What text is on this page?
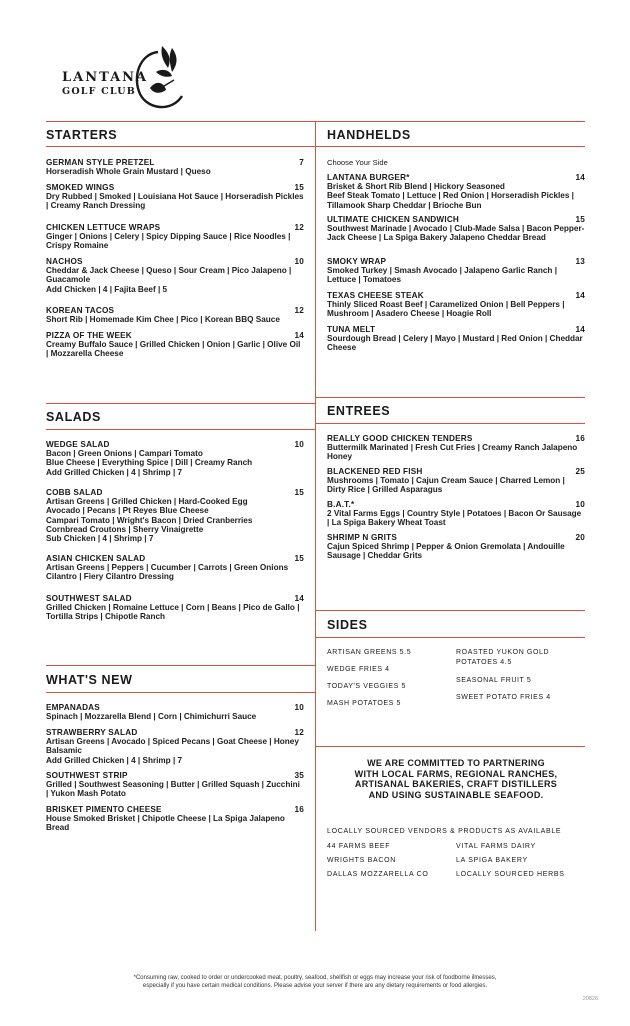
LANTANA
GOLF CLUB
STARTERS
GERMAN STYLE PRETZEL	7
Horseradish Whole Grain Mustard | Queso
SMOKED WINGS	15
Dry Rubbed | Smoked | Louisiana Hot Sauce | Horseradish Pickles | Creamy Ranch Dressing
CHICKEN LETTUCE WRAPS	12
Ginger | Onions | Celery | Spicy Dipping Sauce | Rice Noodles | Crispy Romaine
NACHOS	10
Cheddar & Jack Cheese | Queso | Sour Cream | Pico Jalapeno | Guacamole
Add Chicken | 4 | Fajita Beef | 5
KOREAN TACOS	12
Short Rib | Homemade Kim Chee | Pico | Korean BBQ Sauce
PIZZA OF THE WEEK	14
Creamy Buffalo Sauce | Grilled Chicken | Onion | Garlic | Olive Oil | Mozzarella Cheese
SALADS
WEDGE SALAD	10
Bacon | Green Onions | Campari Tomato
Blue Cheese | Everything Spice | Dill | Creamy Ranch
Add Grilled Chicken | 4 | Shrimp | 7
COBB SALAD	15
Artisan Greens | Grilled Chicken | Hard-Cooked Egg
Avocado | Pecans | Pt Reyes Blue Cheese
Campari Tomato | Wright's Bacon | Dried Cranberries
Cornbread Croutons | Sherry Vinaigrette
Sub Chicken | 4 | Shrimp | 7
ASIAN CHICKEN SALAD	15
Artisan Greens | Peppers | Cucumber | Carrots | Green Onions Cilantro | Fiery Cilantro Dressing
SOUTHWEST SALAD	14
Grilled Chicken | Romaine Lettuce | Corn | Beans | Pico de Gallo | Tortilla Strips | Chipotle Ranch
WHAT'S NEW
EMPANADAS	10
Spinach | Mozzarella Blend | Corn | Chimichurri Sauce
STRAWBERRY SALAD	12
Artisan Greens | Avocado | Spiced Pecans | Goat Cheese | Honey Balsamic
Add Grilled Chicken | 4 | Shrimp | 7
SOUTHWEST STRIP	35
Grilled | Southwest Seasoning | Butter | Grilled Squash | Zucchini | Yukon Mash Potato
BRISKET PIMENTO CHEESE	16
House Smoked Brisket | Chipotle Cheese | La Spiga Jalapeno Bread
HANDHELDS
Choose Your Side
LANTANA BURGER*	14
Brisket & Short Rib Blend | Hickory Seasoned
Beef Steak Tomato | Lettuce | Red Onion | Horseradish Pickles | Tillamook Sharp Cheddar | Brioche Bun
ULTIMATE CHICKEN SANDWICH	15
Southwest Marinade | Avocado | Club-Made Salsa | Bacon Pepper-Jack Cheese | La Spiga Bakery Jalapeno Cheddar Bread
SMOKY WRAP	13
Smoked Turkey | Smash Avocado | Jalapeno Garlic Ranch | Lettuce | Tomatoes
TEXAS CHEESE STEAK	14
Thinly Sliced Roast Beef | Caramelized Onion | Bell Peppers | Mushroom | Asadero Cheese | Hoagie Roll
TUNA MELT	14
Sourdough Bread | Celery | Mayo | Mustard | Red Onion | Cheddar Cheese
ENTREES
REALLY GOOD CHICKEN TENDERS	16
Buttermilk Marinated | Fresh Cut Fries | Creamy Ranch Jalapeno Honey
BLACKENED RED FISH	25
Mushrooms | Tomato | Cajun Cream Sauce | Charred Lemon | Dirty Rice | Grilled Asparagus
B.A.T.*	10
2 Vital Farms Eggs | Country Style | Potatoes | Bacon Or Sausage | La Spiga Bakery Wheat Toast
SHRIMP N GRITS	20
Cajun Spiced Shrimp | Pepper & Onion Gremolata | Andouille Sausage | Cheddar Grits
SIDES
ARTISAN GREENS 5.5
WEDGE FRIES 4
TODAY'S VEGGIES 5
MASH POTATOES 5
ROASTED YUKON GOLD
POTATOES 4.5
SEASONAL FRUIT 5
SWEET POTATO FRIES 4
WE ARE COMMITTED TO PARTNERING
WITH LOCAL FARMS, REGIONAL RANCHES,
ARTISANAL BAKERIES, CRAFT DISTILLERS
AND USING SUSTAINABLE SEAFOOD.
LOCALLY SOURCED VENDORS & PRODUCTS AS AVAILABLE
44 FARMS BEEF
WRIGHTS BACON
DALLAS MOZZARELLA CO
VITAL FARMS DAIRY
LA SPIGA BAKERY
LOCALLY SOURCED HERBS
*Consuming raw, cooked to order or undercooked meat, poultry, seafood, shellfish or eggs may increase your risk of foodborne illnesses,
especially if you have certain medical conditions. Please advise your server if there are any dietary requirements or food allergies.
20826
